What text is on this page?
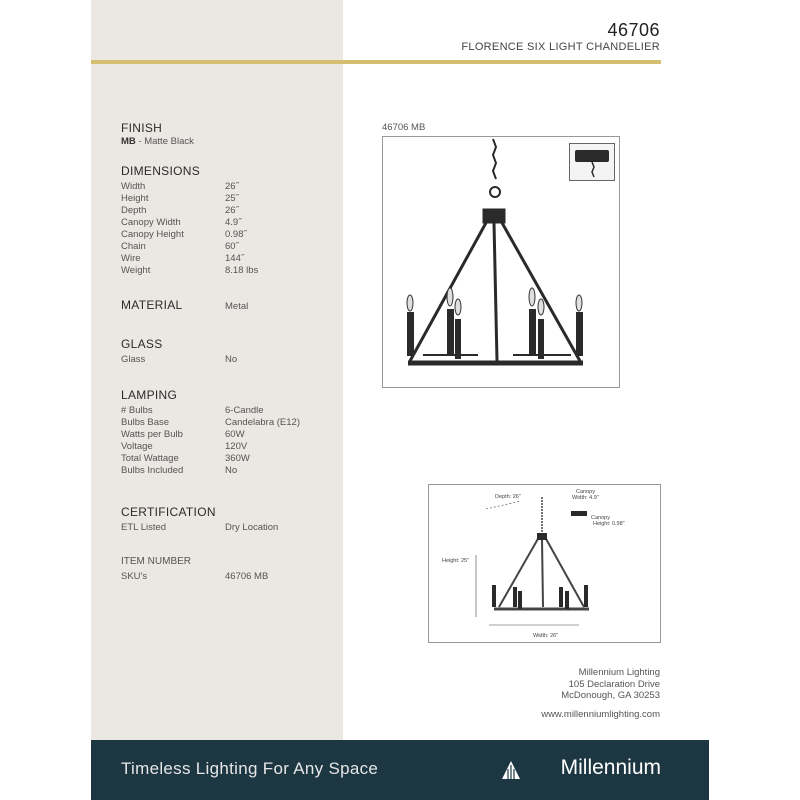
46706
FLORENCE SIX LIGHT CHANDELIER
FINISH
MB - Matte Black
DIMENSIONS
Width	26˝
Height	25˝
Depth	26˝
Canopy Width	4.9˝
Canopy Height	0.98˝
Chain	60˝
Wire	144˝
Weight	8.18 lbs
MATERIAL	Metal
GLASS
Glass	No
LAMPING
# Bulbs	6-Candle
Bulbs Base	Candelabra (E12)
Watts per Bulb	60W
Voltage	120V
Total Wattage	360W
Bulbs Included	No
CERTIFICATION
ETL Listed	Dry Location
ITEM NUMBER
SKU's	46706 MB
46706 MB
Depth: 26"
Canopy
Width: 4.9"
Canopy
Height: 0.98"
Height: 25"
Width: 26"
Millennium Lighting
105 Declaration Drive
McDonough, GA 30253
www.millenniumlighting.com
Timeless Lighting For Any Space	Millennium
